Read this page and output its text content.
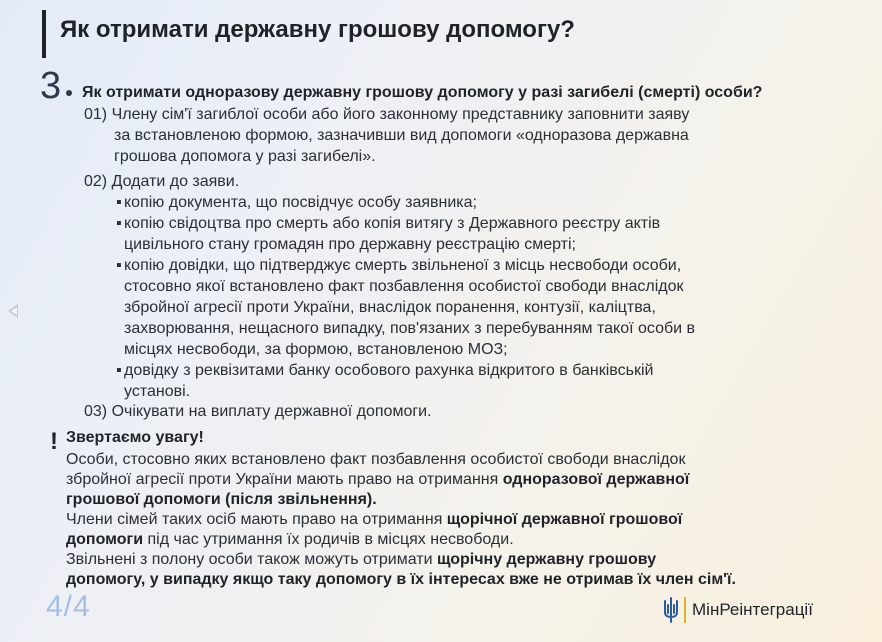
Як отримати державну грошову допомогу?
3 Як отримати одноразову державну грошову допомогу у разі загибелі (смерті) особи?
01) Члену сім'ї загиблої особи або його законному представнику заповнити заяву
за встановленою формою, зазначивши вид допомоги «одноразова державна
грошова допомога у разі загибелі».
02) Додати до заяви.
▪ копію документа, що посвідчує особу заявника;
▪ копію свідоцтва про смерть або копія витягу з Державного реєстру актів
цивільного стану громадян про державну реєстрацію смерті;
▪ копію довідки, що підтверджує смерть звільненої з місць несвободи особи,
стосовно якої встановлено факт позбавлення особистої свободи внаслідок
збройної агресії проти України, внаслідок поранення, контузії, каліцтва,
захворювання, нещасного випадку, пов'язаних з перебуванням такої особи в
місцях несвободи, за формою, встановленою МОЗ;
▪ довідку з реквізитами банку особового рахунка відкритого в банківській
установі.
03) Очікувати на виплату державної допомоги.
! Звертаємо увагу!
Особи, стосовно яких встановлено факт позбавлення особистої свободи внаслідок
збройної агресії проти України мають право на отримання одноразової державної
грошової допомоги (після звільнення).
Члени сімей таких осіб мають право на отримання щорічної державної грошової
допомоги під час утримання їх родичів в місцях несвободи.
Звільнені з полону особи також можуть отримати щорічну державну грошову
допомогу, у випадку якщо таку допомогу в їх інтересах вже не отримав їх член сім'ї.
4/4	МінРеінтеграції
